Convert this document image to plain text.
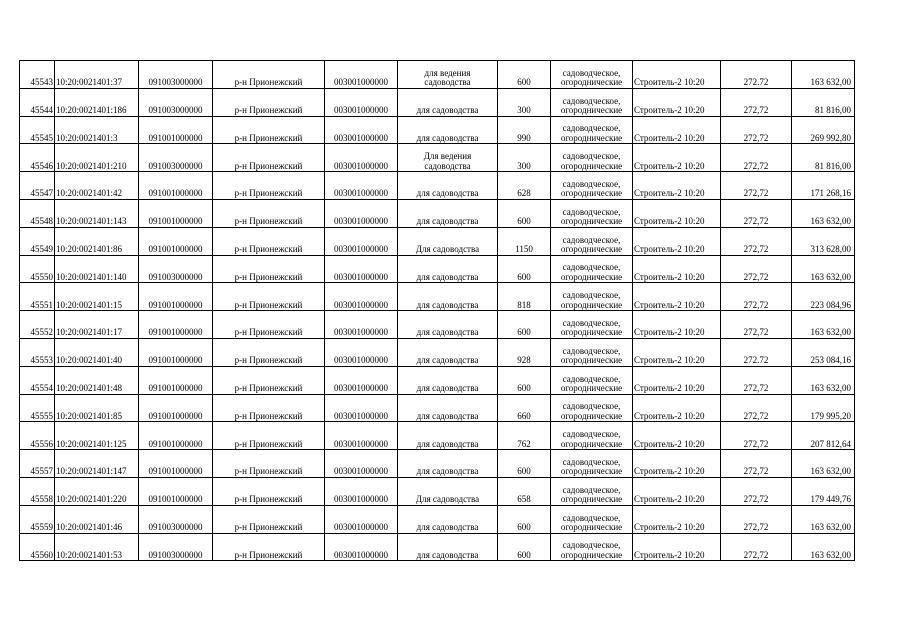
45543	10:20:0021401:37	091003000000	р-н Прионежский	003001000000	для ведения
садоводства	600	садоводческое,
огороднические	Строитель-2 10:20	272.72	163 632,00
45544	10:20:0021401:186	091003000000	р-н Прионежский	003001000000	для садоводства	300	садоводческое,
огороднические	Строитель-2 10:20	272,72	81 816,00
45545	10:20:0021401:3	091001000000	р-н Прионежский	003001000000	для садоводства	990	садоводческое,
огороднические	Строитель-2 10:20	272,72	269 992,80
45546	10:20:0021401:210	091003000000	р-н Прионежский	003001000000	Для ведения
садоводства	300	садоводческое,
огороднические	Строитель-2 10:20	272,72	81 816,00
45547	10:20:0021401:42	091001000000	р-н Прионежский	003001000000	для садоводства	628	садоводческое,
огороднические	Строитель-2 10:20	272,72	171 268,16
45548	10:20:0021401:143	091001000000	р-н Прионежский	003001000000	для садоводства	600	садоводческое,
огороднические	Строитель-2 10:20	272,72	163 632,00
45549	10:20:0021401:86	091001000000	р-н Прионежский	003001000000	Для садоводства	1150	садоводческое,
огороднические	Строитель-2 10:20	272,72	313 628,00
45550	10:20:0021401:140	091003000000	р-н Прионежский	003001000000	для садоводства	600	садоводческое,
огороднические	Строитель-2 10:20	272,72	163 632,00
45551	10:20:0021401:15	091001000000	р-н Прионежский	003001000000	для садоводства	818	садоводческое,
огороднические	Строитель-2 10:20	272,72	223 084,96
45552	10:20:0021401:17	091001000000	р-н Прионежский	003001000000	для садоводства	600	садоводческое,
огороднические	Строитель-2 10:20	272,72	163 632,00
45553	10:20:0021401:40	091001000000	р-н Прионежский	003001000000	для садоводства	928	садоводческое,
огороднические	Строитель-2 10:20	272.72	253 084,16
45554	10:20:0021401:48	091001000000	р-н Прионежский	003001000000	для садоводства	600	садоводческое,
огороднические	Строитель-2 10:20	272,72	163 632,00
45555	10:20:0021401:85	091001000000	р-н Прионежский	003001000000	для садоводства	660	садоводческое,
огороднические	Строитель-2 10:20	272,72	179 995,20
45556	10:20:0021401:125	091001000000	р-н Прионежский	003001000000	для садоводства	762	садоводческое,
огороднические	Строитель-2 10:20	272,72	207 812,64
45557	10:20:0021401:147	091001000000	р-н Прионежский	003001000000	для садоводства	600	садоводческое,
огороднические	Строитель-2 10:20	272,72	163 632,00
45558	10:20:0021401:220	091001000000	р-н Прионежский	003001000000	Для садоводства	658	садоводческое,
огороднические	Строитель-2 10:20	272,72	179 449,76
45559	10:20:0021401:46	091003000000	р-н Прионежский	003001000000	для садоводства	600	садоводческое,
огороднические	Строитель-2 10:20	272,72	163 632,00
45560	10:20:0021401:53	091003000000	р-н Прионежский	003001000000	для садоводства	600	садоводческое,
огороднические	Строитель-2 10:20	272,72	163 632,00
